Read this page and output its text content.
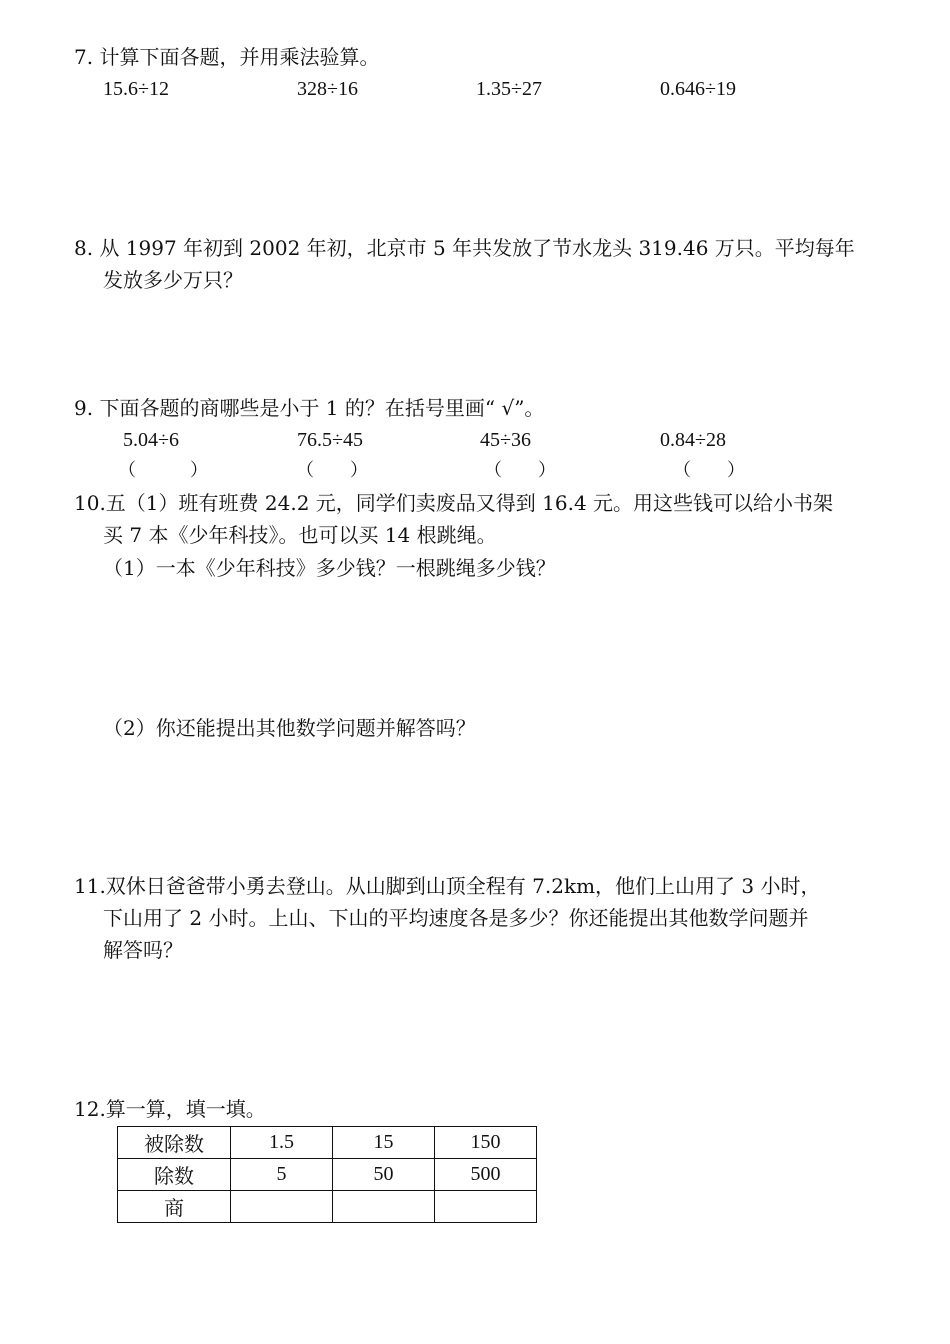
7. 计算下面各题，并用乘法验算。
15.6÷12	328÷16	1.35÷27	0.646÷19
8. 从 1997 年初到 2002 年初，北京市 5 年共发放了节水龙头 319.46 万只。平均每年
发放多少万只？
9. 下面各题的商哪些是小于 1 的？在括号里画“ √”。
5.04÷6	76.5÷45	45÷36	0.84÷28
（　　　）	（　　）	（　　）	（　　）
10.五（1）班有班费 24.2 元，同学们卖废品又得到 16.4 元。用这些钱可以给小书架
买 7 本《少年科技》。也可以买 14 根跳绳。
（1）一本《少年科技》多少钱？一根跳绳多少钱？
（2）你还能提出其他数学问题并解答吗？
11.双休日爸爸带小勇去登山。从山脚到山顶全程有 7.2km，他们上山用了 3 小时，
下山用了 2 小时。上山、下山的平均速度各是多少？你还能提出其他数学问题并
解答吗？
12.算一算，填一填。
被除数	1.5	15	150
除数	5	50	500
商			
